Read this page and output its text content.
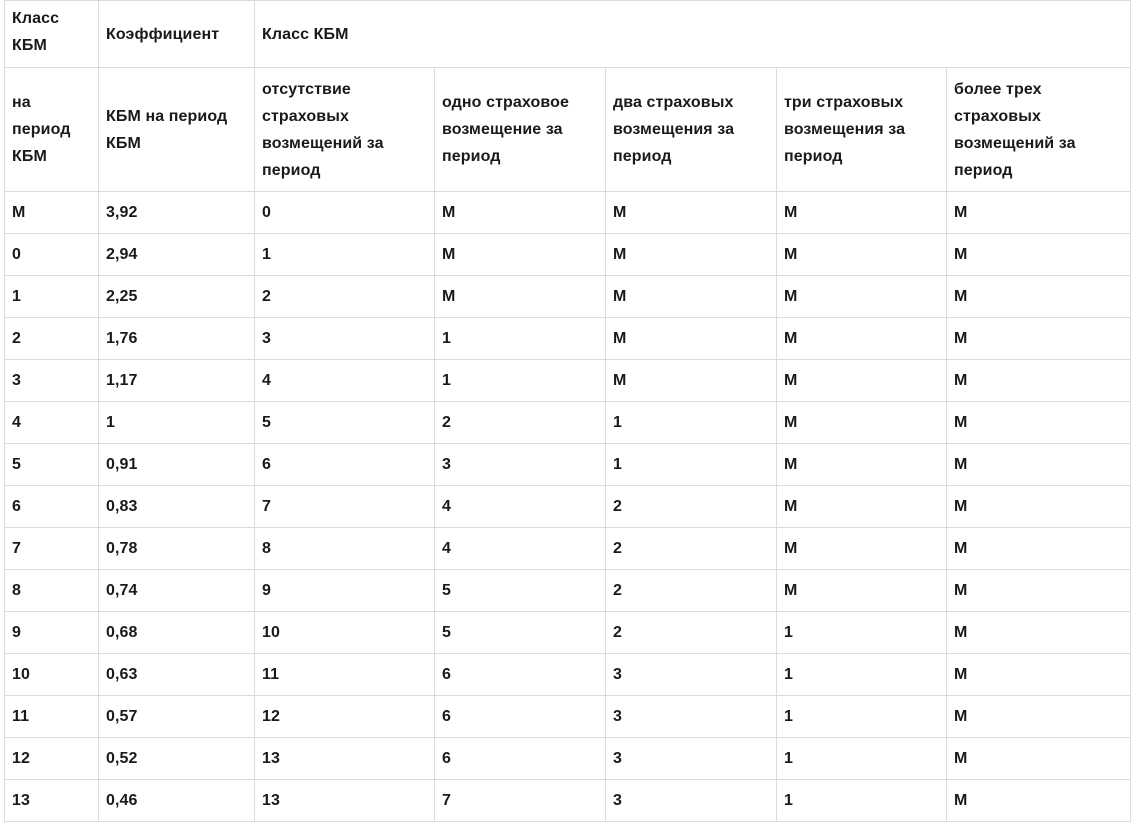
Класс КБМ	Коэффициент	Класс КБМ				
на период КБМ	КБМ на период КБМ	отсутствие страховых возмещений за период	одно страховое возмещение за период	два страховых возмещения за период	три страховых возмещения за период	более трех страховых возмещений за период
М	3,92	0	М	М	М	М
0	2,94	1	М	М	М	М
1	2,25	2	М	М	М	М
2	1,76	3	1	М	М	М
3	1,17	4	1	М	М	М
4	1	5	2	1	М	М
5	0,91	6	3	1	М	М
6	0,83	7	4	2	М	М
7	0,78	8	4	2	М	М
8	0,74	9	5	2	М	М
9	0,68	10	5	2	1	М
10	0,63	11	6	3	1	М
11	0,57	12	6	3	1	М
12	0,52	13	6	3	1	М
13	0,46	13	7	3	1	М
